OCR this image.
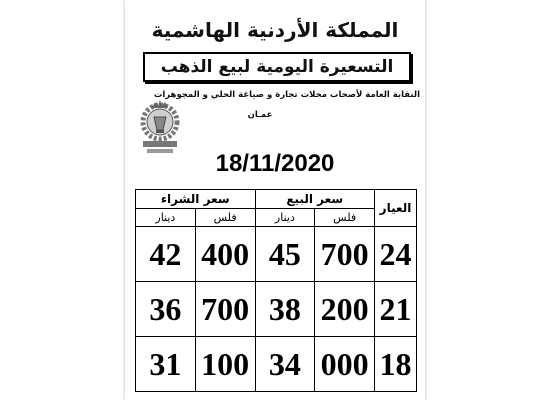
المملكة الأردنية الهاشمية
التسعيرة اليومية لبيع الذهب
النقابة العامة لأصحاب محلات تجارة و صياغة الحلي و المجوهرات
عمـان
18/11/2020
سعر الشراء		سعر البيع		العيار
دينار	فلس	دينار	فلس	
42	400	45	700	24
36	700	38	200	21
31	100	34	000	18
